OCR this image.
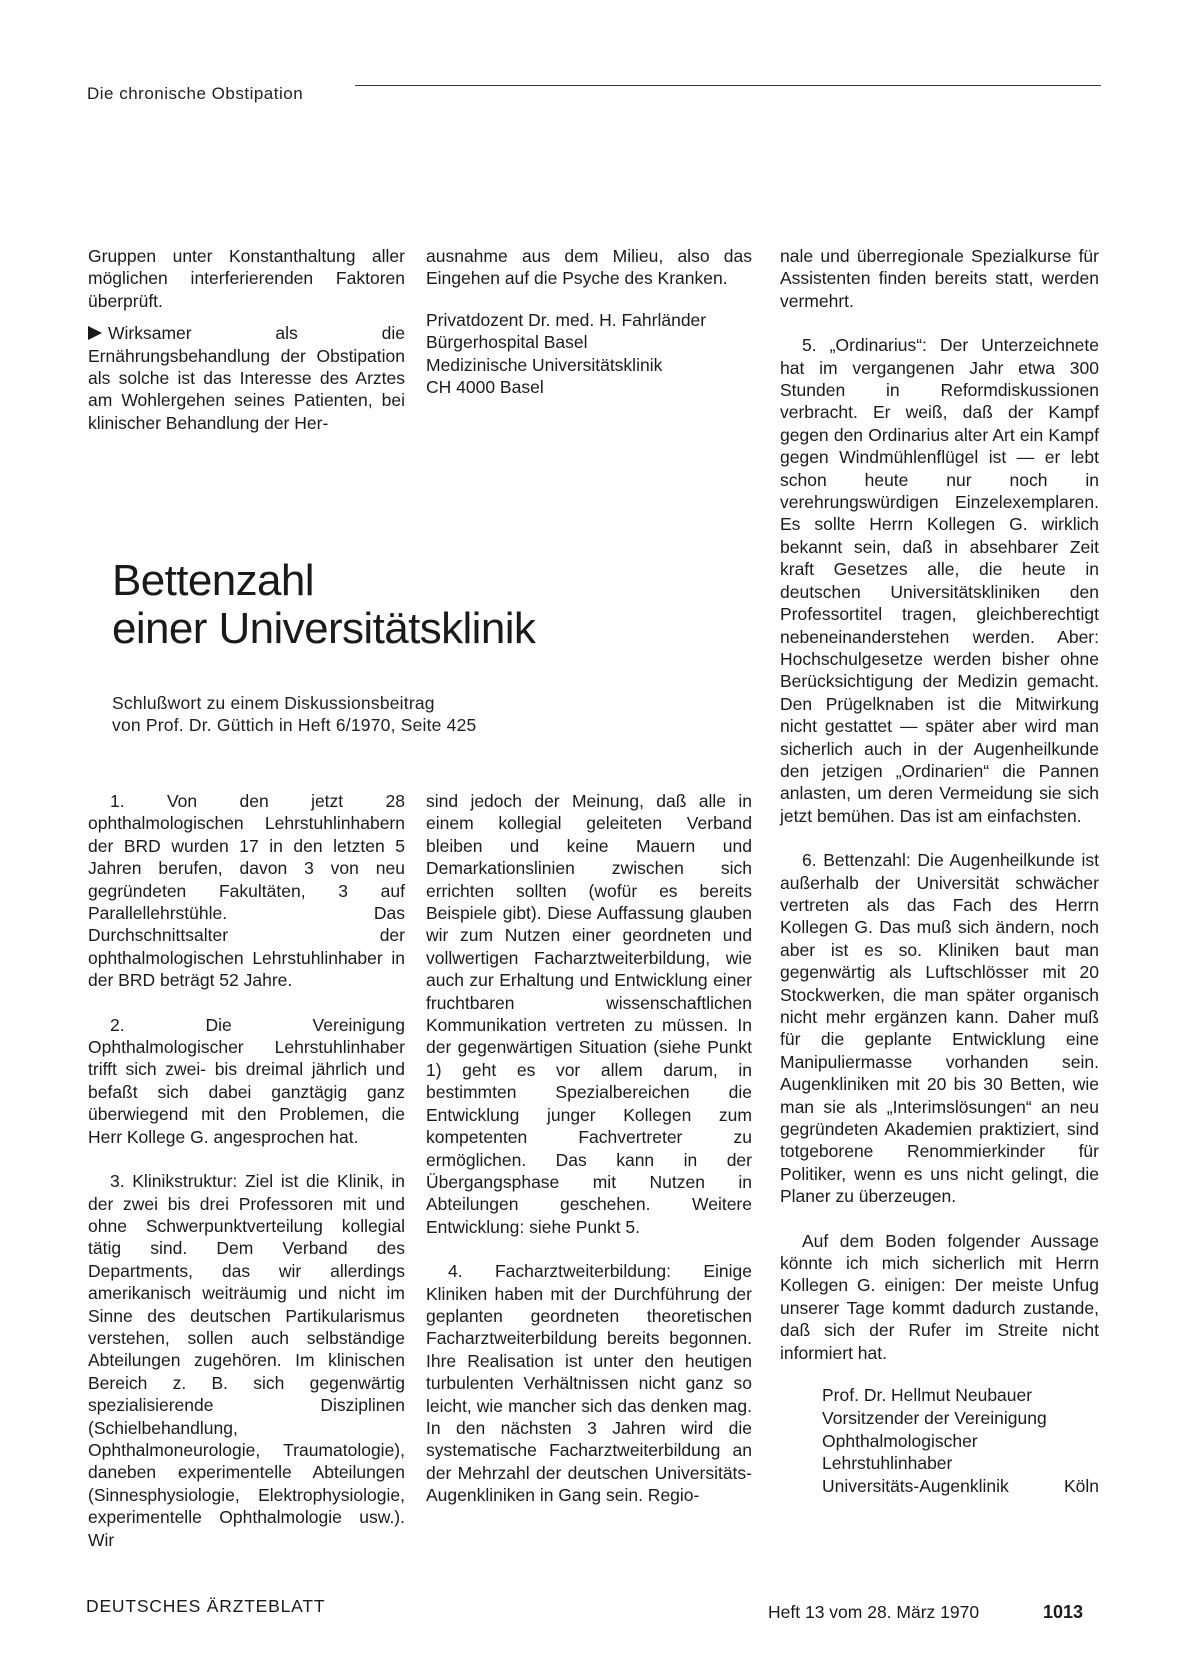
Die chronische Obstipation

Gruppen unter Konstanthaltung aller möglichen interferierenden Faktoren überprüft.

Wirksamer als die Ernährungsbehandlung der Obstipation als solche ist das Interesse des Arztes am Wohlergehen seines Patienten, bei klinischer Behandlung der Her-

ausnahme aus dem Milieu, also das Eingehen auf die Psyche des Kranken.

Privatdozent Dr. med. H. Fahrländer
Bürgerhospital Basel
Medizinische Universitätsklinik
CH 4000 Basel
Bettenzahl
einer Universitätsklinik
Schlußwort zu einem Diskussionsbeitrag
von Prof. Dr. Güttich in Heft 6/1970, Seite 425

1. Von den jetzt 28 ophthalmologischen Lehrstuhlinhabern der BRD wurden 17 in den letzten 5 Jahren berufen, davon 3 von neu gegründeten Fakultäten, 3 auf Parallellehrstühle. Das Durchschnittsalter der ophthalmologischen Lehrstuhlinhaber in der BRD beträgt 52 Jahre.

2. Die Vereinigung Ophthalmologischer Lehrstuhlinhaber trifft sich zwei- bis dreimal jährlich und befaßt sich dabei ganztägig ganz überwiegend mit den Problemen, die Herr Kollege G. angesprochen hat.

3. Klinikstruktur: Ziel ist die Klinik, in der zwei bis drei Professoren mit und ohne Schwerpunktverteilung kollegial tätig sind. Dem Verband des Departments, das wir allerdings amerikanisch weiträumig und nicht im Sinne des deutschen Partikularismus verstehen, sollen auch selbständige Abteilungen zugehören. Im klinischen Bereich z. B. sich gegenwärtig spezialisierende Disziplinen (Schielbehandlung, Ophthalmoneurologie, Traumatologie), daneben experimentelle Abteilungen (Sinnesphysiologie, Elektrophysiologie, experimentelle Ophthalmologie usw.). Wir

sind jedoch der Meinung, daß alle in einem kollegial geleiteten Verband bleiben und keine Mauern und Demarkationslinien zwischen sich errichten sollten (wofür es bereits Beispiele gibt). Diese Auffassung glauben wir zum Nutzen einer geordneten und vollwertigen Facharztweiterbildung, wie auch zur Erhaltung und Entwicklung einer fruchtbaren wissenschaftlichen Kommunikation vertreten zu müssen. In der gegenwärtigen Situation (siehe Punkt 1) geht es vor allem darum, in bestimmten Spezialbereichen die Entwicklung junger Kollegen zum kompetenten Fachvertreter zu ermöglichen. Das kann in der Übergangsphase mit Nutzen in Abteilungen geschehen. Weitere Entwicklung: siehe Punkt 5.

4. Facharztweiterbildung: Einige Kliniken haben mit der Durchführung der geplanten geordneten theoretischen Facharztweiterbildung bereits begonnen. Ihre Realisation ist unter den heutigen turbulenten Verhältnissen nicht ganz so leicht, wie mancher sich das denken mag. In den nächsten 3 Jahren wird die systematische Facharztweiterbildung an der Mehrzahl der deutschen Universitäts-Augenkliniken in Gang sein. Regio-

nale und überregionale Spezialkurse für Assistenten finden bereits statt, werden vermehrt.

5. „Ordinarius“: Der Unterzeichnete hat im vergangenen Jahr etwa 300 Stunden in Reformdiskussionen verbracht. Er weiß, daß der Kampf gegen den Ordinarius alter Art ein Kampf gegen Windmühlenflügel ist — er lebt schon heute nur noch in verehrungswürdigen Einzelexemplaren. Es sollte Herrn Kollegen G. wirklich bekannt sein, daß in absehbarer Zeit kraft Gesetzes alle, die heute in deutschen Universitätskliniken den Professortitel tragen, gleichberechtigt nebeneinanderstehen werden. Aber: Hochschulgesetze werden bisher ohne Berücksichtigung der Medizin gemacht. Den Prügelknaben ist die Mitwirkung nicht gestattet — später aber wird man sicherlich auch in der Augenheilkunde den jetzigen „Ordinarien“ die Pannen anlasten, um deren Vermeidung sie sich jetzt bemühen. Das ist am einfachsten.

6. Bettenzahl: Die Augenheilkunde ist außerhalb der Universität schwächer vertreten als das Fach des Herrn Kollegen G. Das muß sich ändern, noch aber ist es so. Kliniken baut man gegenwärtig als Luftschlösser mit 20 Stockwerken, die man später organisch nicht mehr ergänzen kann. Daher muß für die geplante Entwicklung eine Manipuliermasse vorhanden sein. Augenkliniken mit 20 bis 30 Betten, wie man sie als „Interimslösungen“ an neu gegründeten Akademien praktiziert, sind totgeborene Renommierkinder für Politiker, wenn es uns nicht gelingt, die Planer zu überzeugen.

Auf dem Boden folgender Aussage könnte ich mich sicherlich mit Herrn Kollegen G. einigen: Der meiste Unfug unserer Tage kommt dadurch zustande, daß sich der Rufer im Streite nicht informiert hat.

Prof. Dr. Hellmut Neubauer
Vorsitzender der Vereinigung
Ophthalmologischer
Lehrstuhlinhaber
Universitäts-Augenklinik	Köln
DEUTSCHES ÄRZTEBLATT	Heft 13 vom 28. März 1970	1013
